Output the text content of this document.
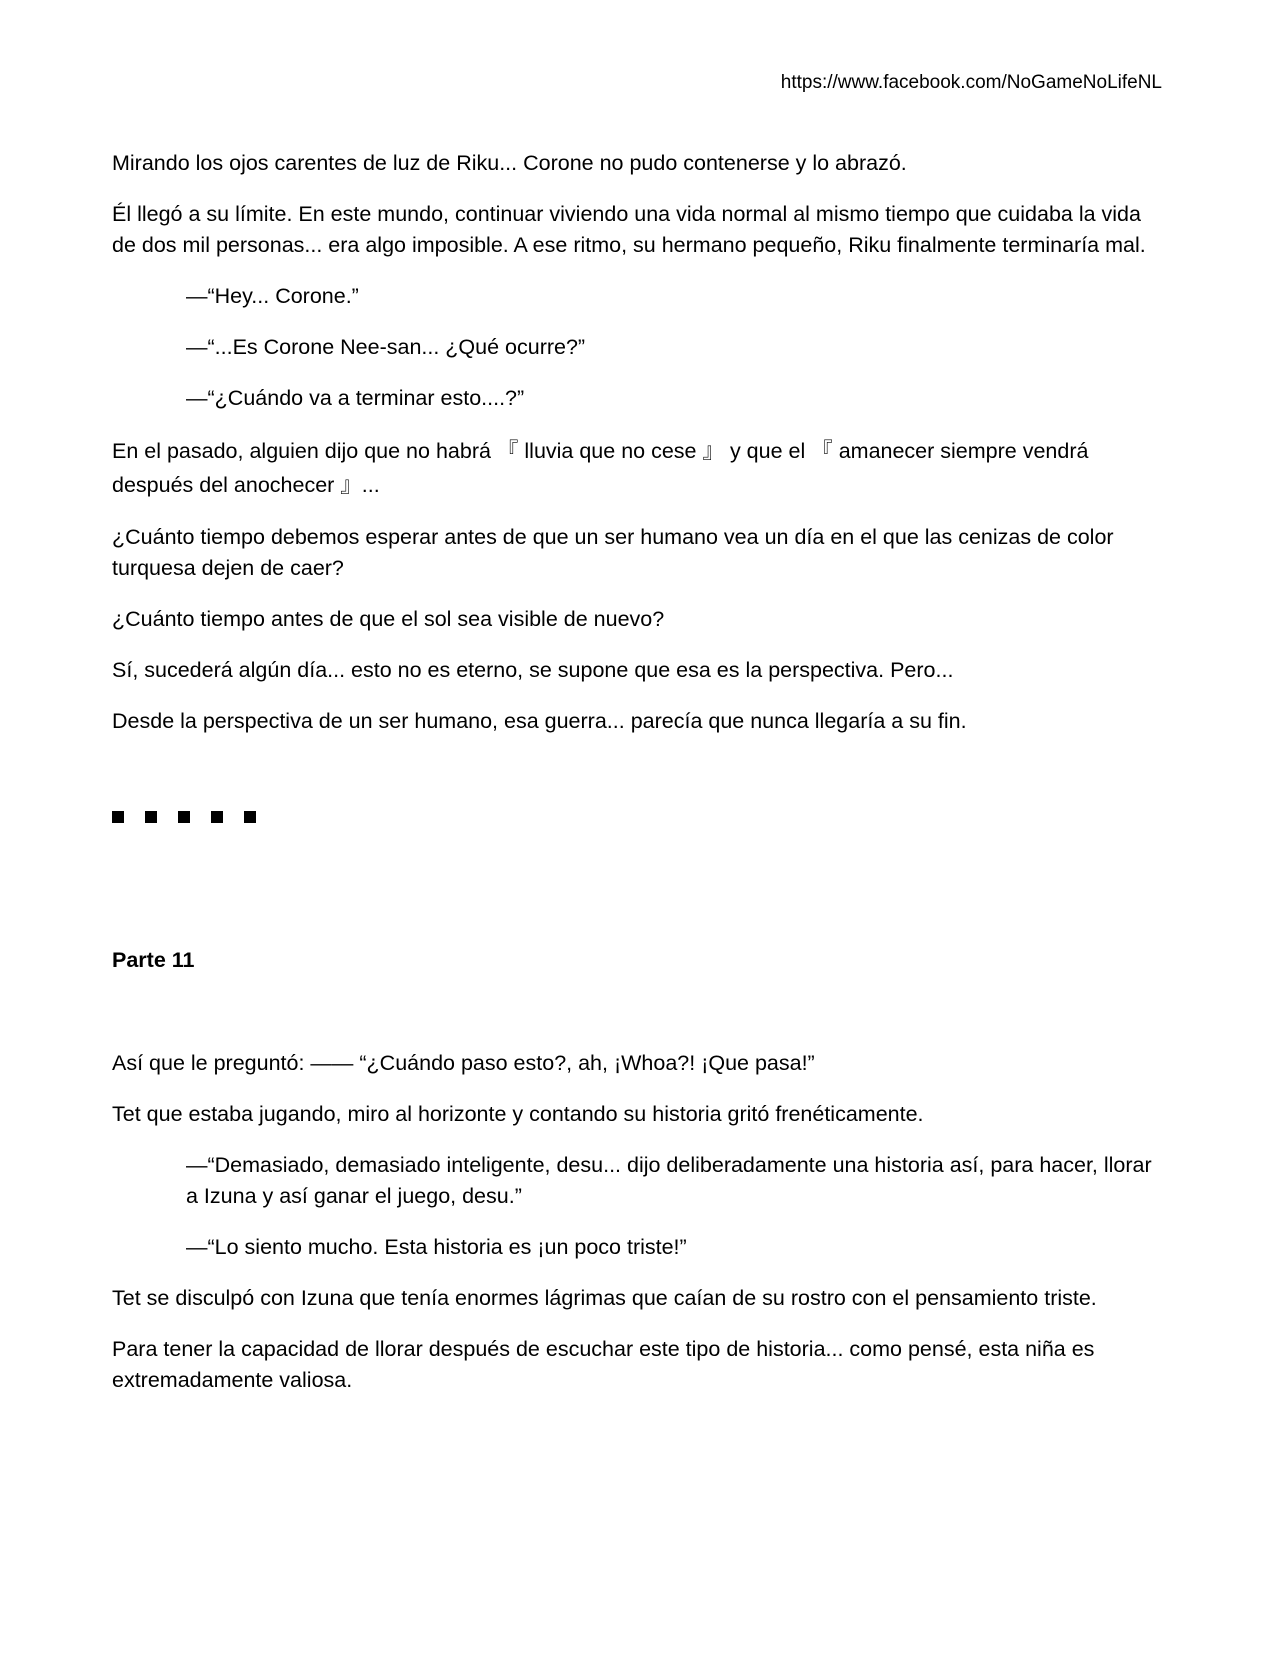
https://www.facebook.com/NoGameNoLifeNL

Mirando los ojos carentes de luz de Riku... Corone no pudo contenerse y lo abrazó.

Él llegó a su límite. En este mundo, continuar viviendo una vida normal al mismo tiempo que cuidaba la vida de dos mil personas... era algo imposible. A ese ritmo, su hermano pequeño, Riku finalmente terminaría mal.

—“Hey... Corone.”

—“...Es Corone Nee-san... ¿Qué ocurre?”

—“¿Cuándo va a terminar esto....?”

En el pasado, alguien dijo que no habrá 『 lluvia que no cese 』 y que el 『 amanecer siempre vendrá después del anochecer 』...

¿Cuánto tiempo debemos esperar antes de que un ser humano vea un día en el que las cenizas de color turquesa dejen de caer?

¿Cuánto tiempo antes de que el sol sea visible de nuevo?

Sí, sucederá algún día... esto no es eterno, se supone que esa es la perspectiva. Pero...

Desde la perspectiva de un ser humano, esa guerra... parecía que nunca llegaría a su fin.

Parte 11

Así que le preguntó: —— “¿Cuándo paso esto?, ah, ¡Whoa?! ¡Que pasa!”

Tet que estaba jugando, miro al horizonte y contando su historia gritó frenéticamente.

—“Demasiado, demasiado inteligente, desu... dijo deliberadamente una historia así, para hacer, llorar a Izuna y así ganar el juego, desu.”

—“Lo siento mucho. Esta historia es ¡un poco triste!”

Tet se disculpó con Izuna que tenía enormes lágrimas que caían de su rostro con el pensamiento triste.

Para tener la capacidad de llorar después de escuchar este tipo de historia... como pensé, esta niña es extremadamente valiosa.
